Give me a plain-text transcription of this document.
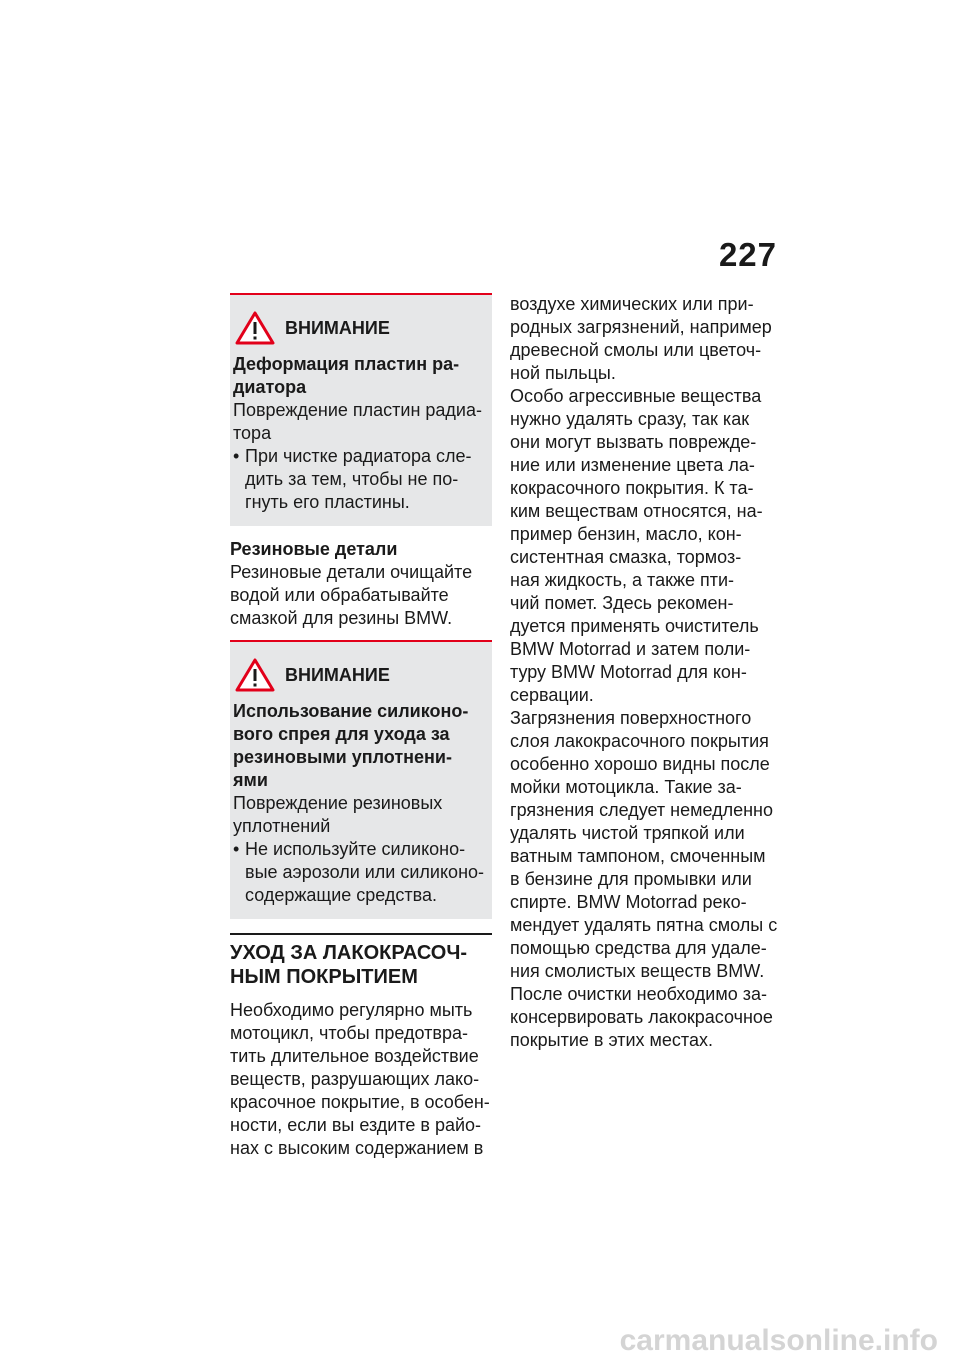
227
ВНИМАНИЕ
Деформация пластин ра-
диатора
Повреждение пластин радиа-
тора
• При чистке радиатора сле-
дить за тем, чтобы не по-
гнуть его пластины.
Резиновые детали
Резиновые детали очищайте
водой или обрабатывайте
смазкой для резины BMW.
ВНИМАНИЕ
Использование силиконо-
вого спрея для ухода за
резиновыми уплотнени-
ями
Повреждение резиновых
уплотнений
• Не используйте силиконо-
вые аэрозоли или силиконо-
содержащие средства.
УХОД ЗА ЛАКОКРАСОЧ-
НЫМ ПОКРЫТИЕМ
Необходимо регулярно мыть
мотоцикл, чтобы предотвра-
тить длительное воздействие
веществ, разрушающих лако-
красочное покрытие, в особен-
ности, если вы ездите в райо-
нах с высоким содержанием в
воздухе химических или при-
родных загрязнений, например
древесной смолы или цветоч-
ной пыльцы.
Особо агрессивные вещества
нужно удалять сразу, так как
они могут вызвать поврежде-
ние или изменение цвета ла-
кокрасочного покрытия. К та-
ким веществам относятся, на-
пример бензин, масло, кон-
систентная смазка, тормоз-
ная жидкость, а также пти-
чий помет. Здесь рекомен-
дуется применять очиститель
BMW Motorrad и затем поли-
туру BMW Motorrad для кон-
сервации.
Загрязнения поверхностного
слоя лакокрасочного покрытия
особенно хорошо видны после
мойки мотоцикла. Такие за-
грязнения следует немедленно
удалять чистой тряпкой или
ватным тампоном, смоченным
в бензине для промывки или
спирте. BMW Motorrad реко-
мендует удалять пятна смолы с
помощью средства для удале-
ния смолистых веществ BMW.
После очистки необходимо за-
консервировать лакокрасочное
покрытие в этих местах.
carmanualsonline.info
